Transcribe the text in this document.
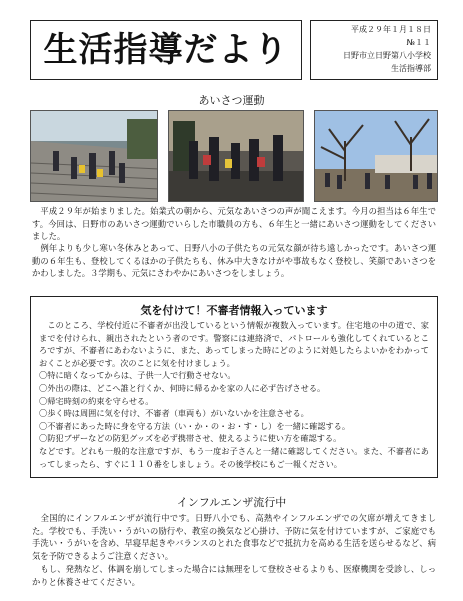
生活指導だより
平成２９年１月１８日
№１１
日野市立日野第八小学校
生活指導部
あいさつ運動
　平成２９年が始まりました。始業式の朝から、元気なあいさつの声が聞こえます。今月の担当は６年生です。今回は、日野市のあいさつ運動でいらした市職員の方も、６年生と一緒にあいさつ運動をしてくださいました。
　例年よりも少し寒い冬休みとあって、日野八小の子供たちの元気な顔が待ち遠しかったです。あいさつ運動の６年生も、登校してくるほかの子供たちも、休み中大きなけがや事故もなく登校し、笑顔であいさつをかわしました。３学期も、元気にさわやかにあいさつをしましょう。
気を付けて！不審者情報入っています

　このところ、学校付近に不審者が出没しているという情報が複数入っています。住宅地の中の道で、家までを付けられ、親出されたという者のです。警察には連絡済で、パトロールも強化してくれているところですが、不審者にあわないように、また、あってしまった時にどのように対処したらよいかをわかっておくことが必要です。次のことに気を付けましょう。

〇特に暗くなってからは、子供一人で行動させない。
〇外出の際は、どこへ誰と行くか、何時に帰るかを家の人に必ず告げさせる。
〇帰宅時刻の約束を守らせる。
〇歩く時は周囲に気を付け、不審者（車両も）がいないかを注意させる。
〇不審者にあった時に身を守る方法（い・か・の・お・す・し）を一緒に確認する。
〇防犯ブザーなどの防犯グッズを必ず携帯させ、使えるように使い方を確認する。

などです。どれも一般的な注意ですが、もう一度お子さんと一緒に確認してください。また、不審者にあってしまったら、すぐに１１０番をしましょう。その後学校にもご一報ください。

インフルエンザ流行中
　全国的にインフルエンザが流行中です。日野八小でも、高熱やインフルエンザでの欠席が増えてきました。学校でも、手洗い・うがいの励行や、教室の換気など心掛け、予防に気を付けていますが、ご家庭でも手洗い・うがいを含め、早寝早起きやバランスのとれた食事などで抵抗力を高める生活を送らせるなど、病気を予防できるようご注意ください。
　もし、発熱など、体調を崩してしまった場合には無理をして登校させるよりも、医療機関を受診し、しっかりと休養させてください。
